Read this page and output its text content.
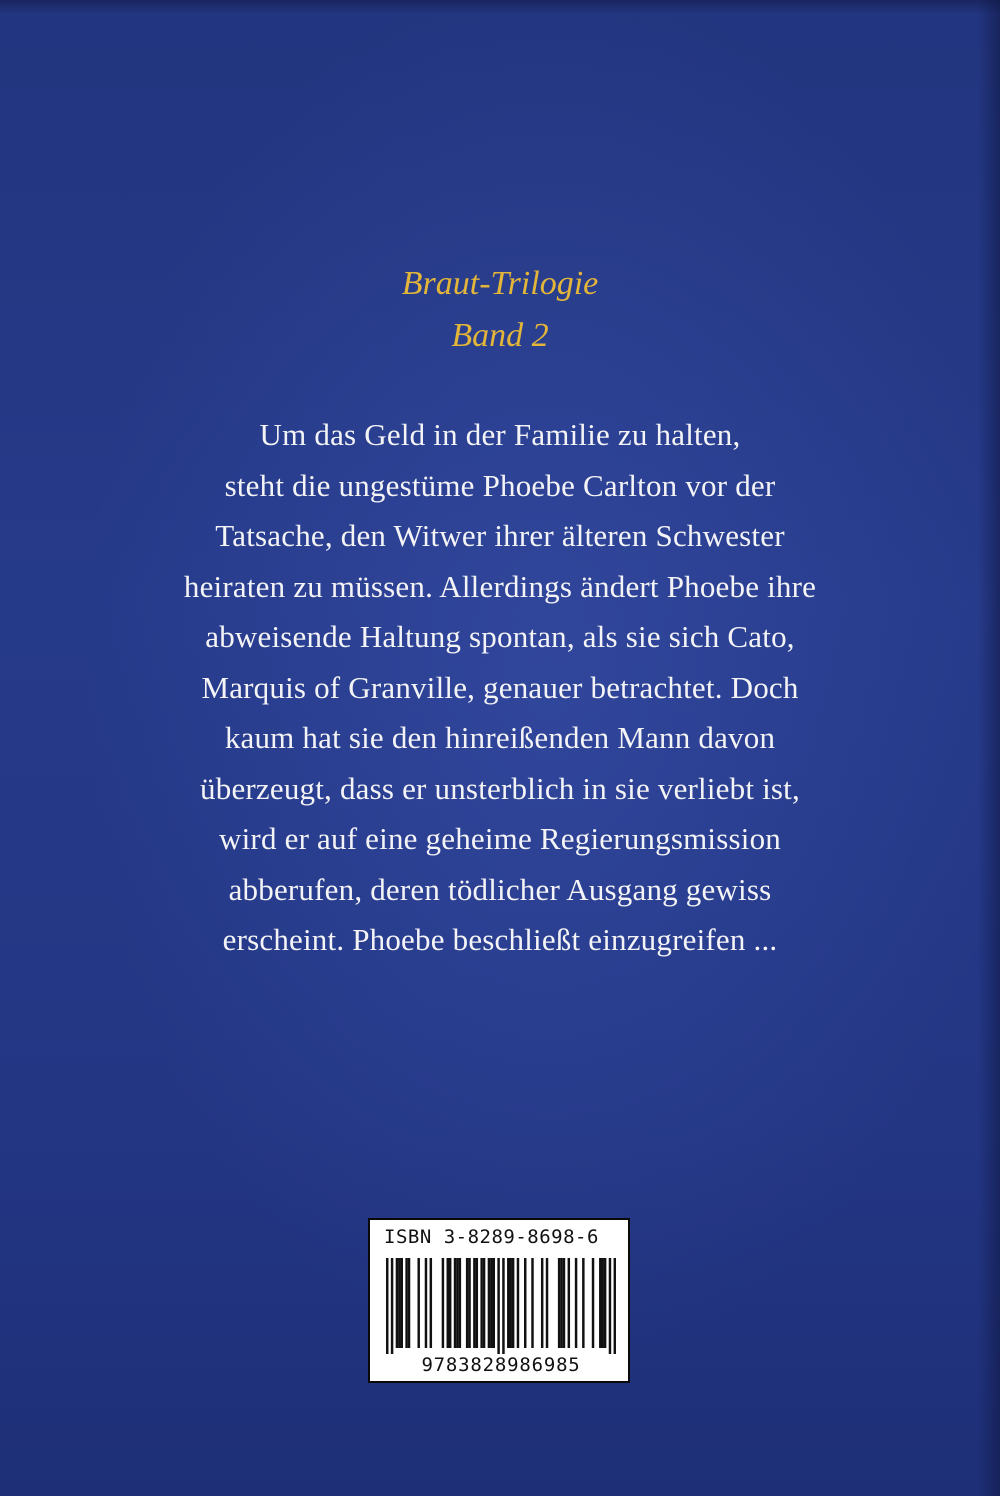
Braut-Trilogie
Band 2
Um das Geld in der Familie zu halten,
steht die ungestüme Phoebe Carlton vor der
Tatsache, den Witwer ihrer älteren Schwester
heiraten zu müssen. Allerdings ändert Phoebe ihre
abweisende Haltung spontan, als sie sich Cato,
Marquis of Granville, genauer betrachtet. Doch
kaum hat sie den hinreißenden Mann davon
überzeugt, dass er unsterblich in sie verliebt ist,
wird er auf eine geheime Regierungsmission
abberufen, deren tödlicher Ausgang gewiss
erscheint. Phoebe beschließt einzugreifen ...
ISBN 3-8289-8698-6
9783828986985
